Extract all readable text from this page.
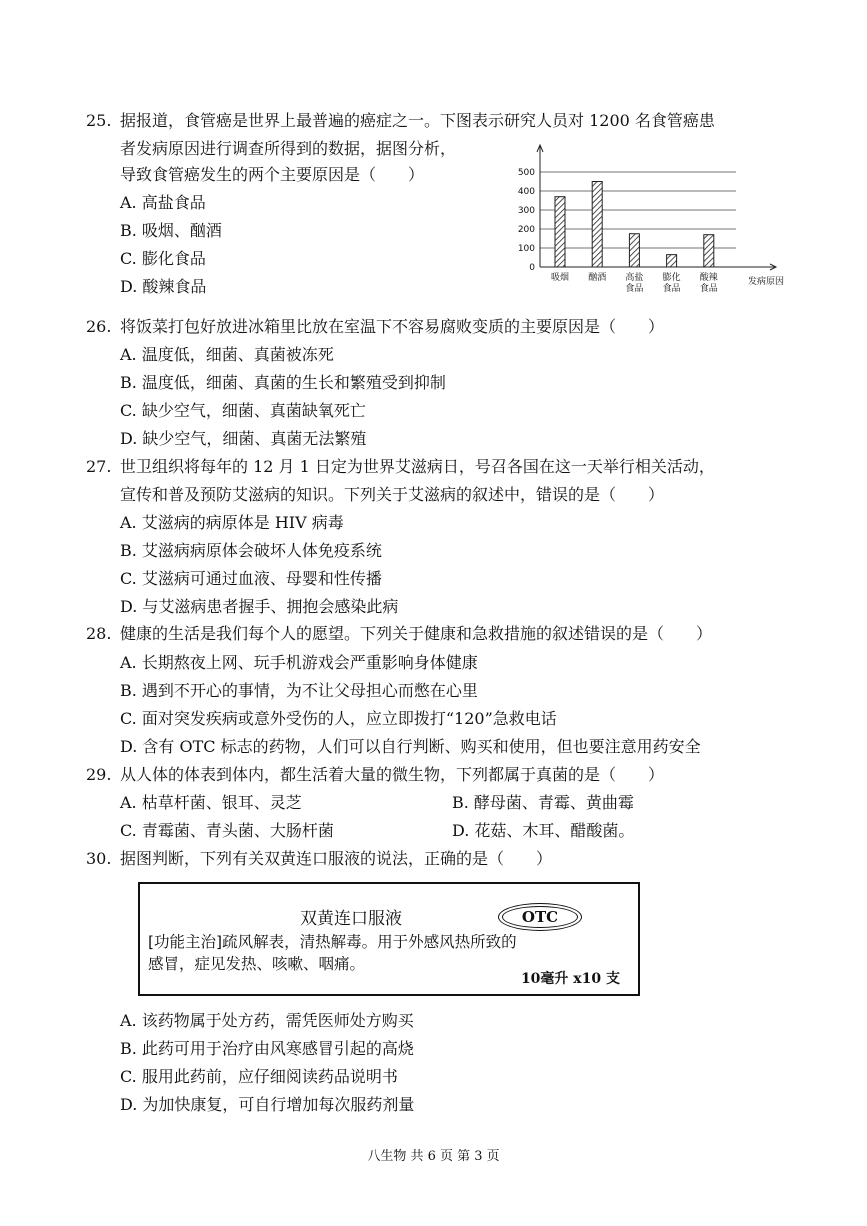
25. 据报道，食管癌是世界上最普遍的癌症之一。下图表示研究人员对 1200 名食管癌患
者发病原因进行调查所得到的数据，据图分析，
导致食管癌发生的两个主要原因是（　　）
A. 高盐食品
B. 吸烟、酗酒
C. 膨化食品
D. 酸辣食品
0
100
200
300
400
500
吸烟 酗酒 高盐
食品
膨化
食品
酸辣
食品
发病原因
26. 将饭菜打包好放进冰箱里比放在室温下不容易腐败变质的主要原因是（　　）
A. 温度低，细菌、真菌被冻死
B. 温度低，细菌、真菌的生长和繁殖受到抑制
C. 缺少空气，细菌、真菌缺氧死亡
D. 缺少空气，细菌、真菌无法繁殖
27. 世卫组织将每年的 12 月 1 日定为世界艾滋病日，号召各国在这一天举行相关活动，
宣传和普及预防艾滋病的知识。下列关于艾滋病的叙述中，错误的是（　　）
A. 艾滋病的病原体是 HIV 病毒
B. 艾滋病病原体会破坏人体免疫系统
C. 艾滋病可通过血液、母婴和性传播
D. 与艾滋病患者握手、拥抱会感染此病
28. 健康的生活是我们每个人的愿望。下列关于健康和急救措施的叙述错误的是（　　）
A. 长期熬夜上网、玩手机游戏会严重影响身体健康
B. 遇到不开心的事情，为不让父母担心而憋在心里
C. 面对突发疾病或意外受伤的人，应立即拨打“120”急救电话
D. 含有 OTC 标志的药物，人们可以自行判断、购买和使用，但也要注意用药安全
29. 从人体的体表到体内，都生活着大量的微生物，下列都属于真菌的是（　　）
A. 枯草杆菌、银耳、灵芝	B. 酵母菌、青霉、黄曲霉
C. 青霉菌、青头菌、大肠杆菌	D. 花菇、木耳、醋酸菌。
30. 据图判断，下列有关双黄连口服液的说法，正确的是（　　）
双黄连口服液	OTC
[功能主治]疏风解表，清热解毒。用于外感风热所致的
感冒，症见发热、咳嗽、咽痛。
10毫升 x10 支
A. 该药物属于处方药，需凭医师处方购买
B. 此药可用于治疗由风寒感冒引起的高烧
C. 服用此药前，应仔细阅读药品说明书
D. 为加快康复，可自行增加每次服药剂量
八生物 共 6 页 第 3 页
